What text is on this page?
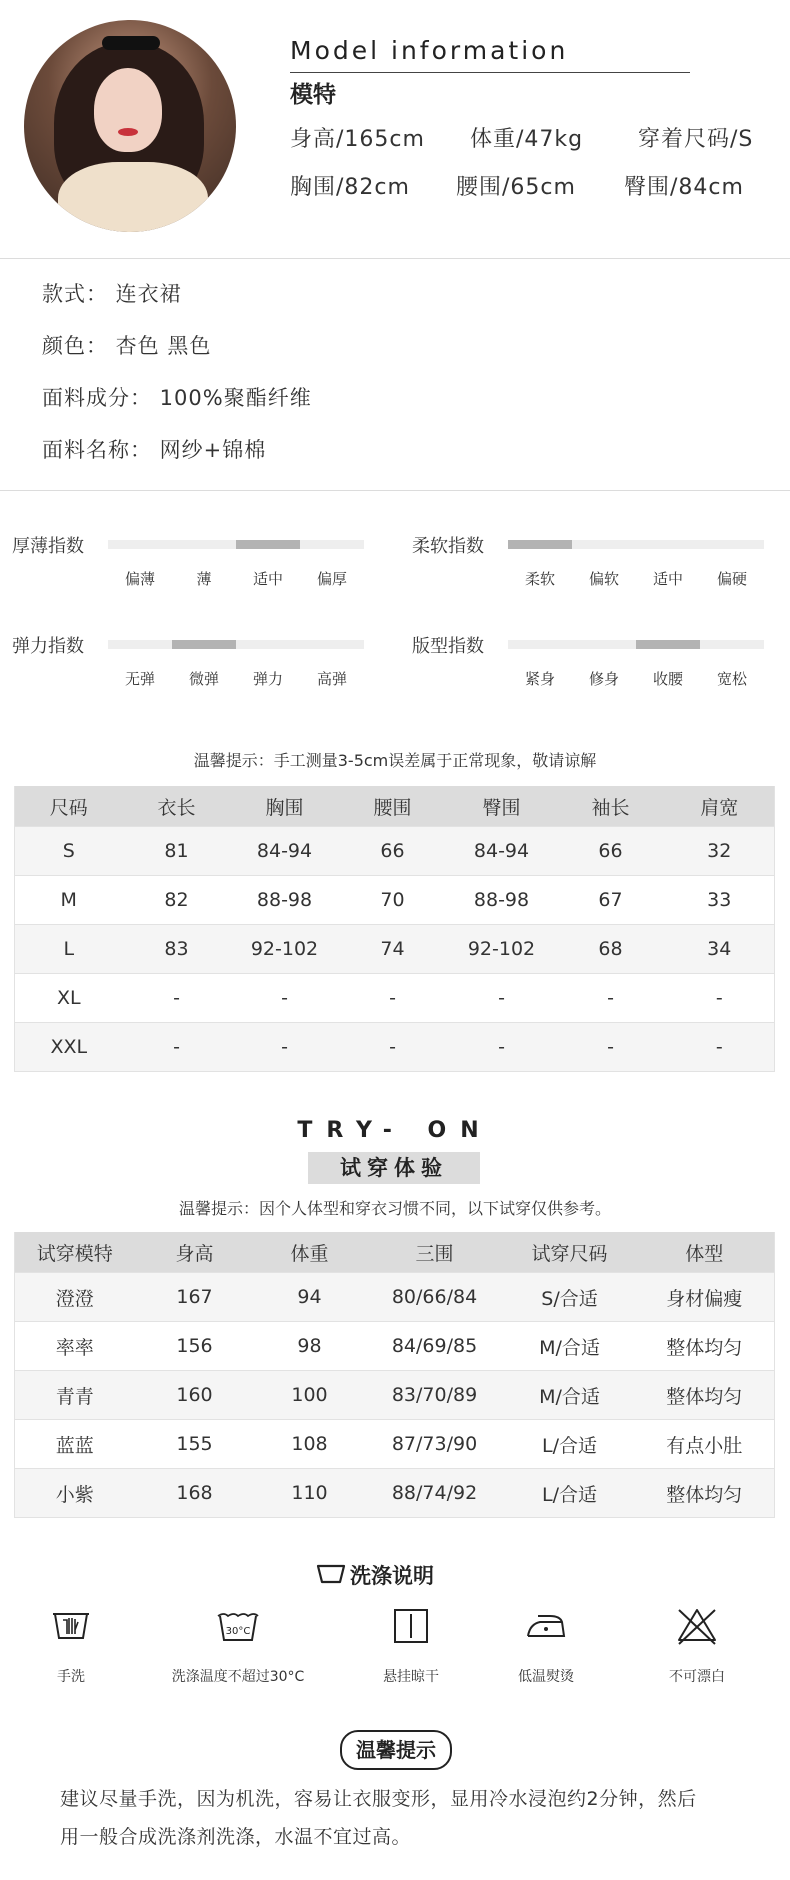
Model information
模特
身高/165cm 体重/47kg 穿着尺码/S
胸围/82cm 腰围/65cm 臀围/84cm
款式： 连衣裙
颜色： 杏色 黑色
面料成分： 100%聚酯纤维
面料名称： 网纱+锦棉
厚薄指数
偏薄	薄	适中	偏厚
柔软指数
柔软	偏软	适中	偏硬
弹力指数
无弹	微弹	弹力	高弹
版型指数
紧身	修身	收腰	宽松
温馨提示：手工测量3-5cm误差属于正常现象，敬请谅解
尺码	衣长	胸围	腰围	臀围	袖长	肩宽
S	81	84-94	66	84-94	66	32
M	82	88-98	70	88-98	67	33
L	83	92-102	74	92-102	68	34
XL	-	-	-	-	-	-
XXL	-	-	-	-	-	-
TRY- ON
试穿体验
温馨提示：因个人体型和穿衣习惯不同，以下试穿仅供参考。
试穿模特	身高	体重	三围	试穿尺码	体型
澄澄	167	94	80/66/84	S/合适	身材偏瘦
率率	156	98	84/69/85	M/合适	整体均匀
青青	160	100	83/70/89	M/合适	整体均匀
蓝蓝	155	108	87/73/90	L/合适	有点小肚
小紫	168	110	88/74/92	L/合适	整体均匀
洗涤说明
手洗
30°C
洗涤温度不超过30°C	悬挂晾干	低温熨烫	不可漂白
温馨提示
建议尽量手洗，因为机洗，容易让衣服变形，显用冷水浸泡约2分钟，然后
用一般合成洗涤剂洗涤，水温不宜过高。
